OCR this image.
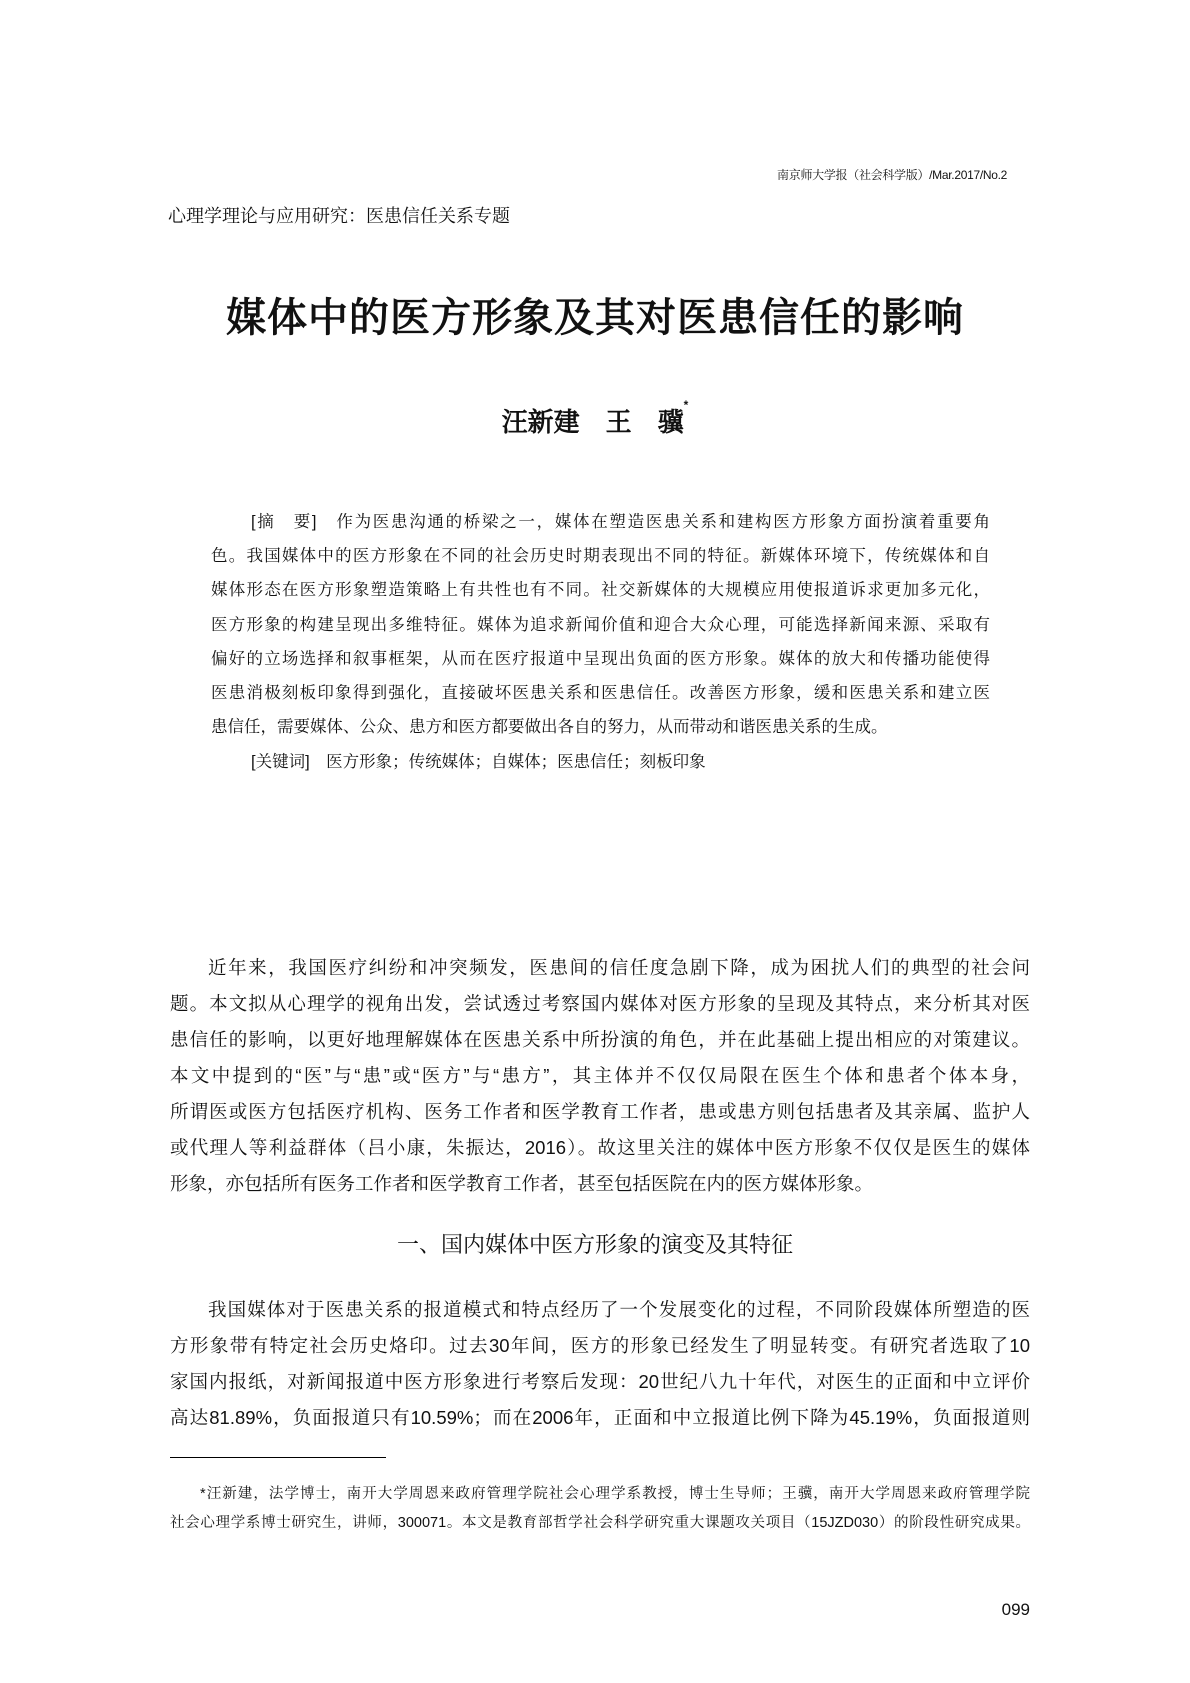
南京师大学报（社会科学版）/Mar.2017/No.2
心理学理论与应用研究：医患信任关系专题
媒体中的医方形象及其对医患信任的影响
汪新建　王　骥*
[摘　要]　作为医患沟通的桥梁之一，媒体在塑造医患关系和建构医方形象方面扮演着重要角
色。我国媒体中的医方形象在不同的社会历史时期表现出不同的特征。新媒体环境下，传统媒体和自
媒体形态在医方形象塑造策略上有共性也有不同。社交新媒体的大规模应用使报道诉求更加多元化，
医方形象的构建呈现出多维特征。媒体为追求新闻价值和迎合大众心理，可能选择新闻来源、采取有
偏好的立场选择和叙事框架，从而在医疗报道中呈现出负面的医方形象。媒体的放大和传播功能使得
医患消极刻板印象得到强化，直接破坏医患关系和医患信任。改善医方形象，缓和医患关系和建立医
患信任，需要媒体、公众、患方和医方都要做出各自的努力，从而带动和谐医患关系的生成。
[关键词]　医方形象；传统媒体；自媒体；医患信任；刻板印象
近年来，我国医疗纠纷和冲突频发，医患间的信任度急剧下降，成为困扰人们的典型的社会问
题。本文拟从心理学的视角出发，尝试透过考察国内媒体对医方形象的呈现及其特点，来分析其对医
患信任的影响，以更好地理解媒体在医患关系中所扮演的角色，并在此基础上提出相应的对策建议。
本文中提到的“医”与“患”或“医方”与“患方”，其主体并不仅仅局限在医生个体和患者个体本身，
所谓医或医方包括医疗机构、医务工作者和医学教育工作者，患或患方则包括患者及其亲属、监护人
或代理人等利益群体（吕小康，朱振达，2016）。故这里关注的媒体中医方形象不仅仅是医生的媒体
形象，亦包括所有医务工作者和医学教育工作者，甚至包括医院在内的医方媒体形象。
一、国内媒体中医方形象的演变及其特征
我国媒体对于医患关系的报道模式和特点经历了一个发展变化的过程，不同阶段媒体所塑造的医
方形象带有特定社会历史烙印。过去30年间，医方的形象已经发生了明显转变。有研究者选取了10
家国内报纸，对新闻报道中医方形象进行考察后发现：20世纪八九十年代，对医生的正面和中立评价
高达81.89%，负面报道只有10.59%；而在2006年，正面和中立报道比例下降为45.19%，负面报道则
*汪新建，法学博士，南开大学周恩来政府管理学院社会心理学系教授，博士生导师；王骥，南开大学周恩来政府管理学院
社会心理学系博士研究生，讲师，300071。本文是教育部哲学社会科学研究重大课题攻关项目（15JZD030）的阶段性研究成果。
099
